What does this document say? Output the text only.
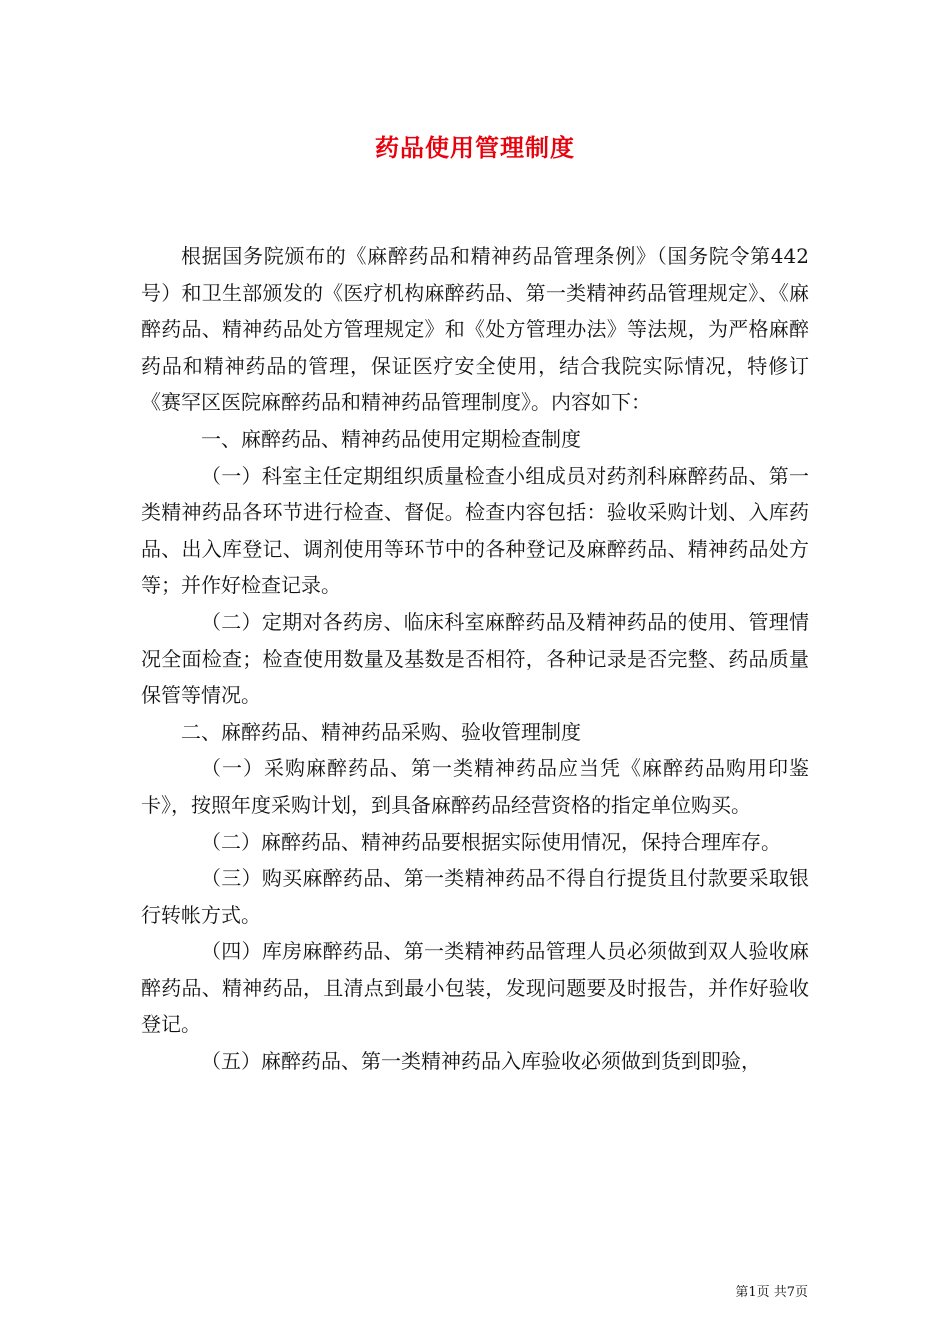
药品使用管理制度

根据国务院颁布的《麻醉药品和精神药品管理条例》（国务院令第442号）和卫生部颁发的《医疗机构麻醉药品、第一类精神药品管理规定》、《麻醉药品、精神药品处方管理规定》和《处方管理办法》等法规，为严格麻醉药品和精神药品的管理，保证医疗安全使用，结合我院实际情况，特修订《赛罕区医院麻醉药品和精神药品管理制度》。内容如下：

一、麻醉药品、精神药品使用定期检查制度

（一）科室主任定期组织质量检查小组成员对药剂科麻醉药品、第一类精神药品各环节进行检查、督促。检查内容包括：验收采购计划、入库药品、出入库登记、调剂使用等环节中的各种登记及麻醉药品、精神药品处方等；并作好检查记录。

（二）定期对各药房、临床科室麻醉药品及精神药品的使用、管理情况全面检查；检查使用数量及基数是否相符，各种记录是否完整、药品质量保管等情况。

二、麻醉药品、精神药品采购、验收管理制度

（一）采购麻醉药品、第一类精神药品应当凭《麻醉药品购用印鉴卡》，按照年度采购计划，到具备麻醉药品经营资格的指定单位购买。

（二）麻醉药品、精神药品要根据实际使用情况，保持合理库存。

（三）购买麻醉药品、第一类精神药品不得自行提货且付款要采取银行转帐方式。

（四）库房麻醉药品、第一类精神药品管理人员必须做到双人验收麻醉药品、精神药品，且清点到最小包装，发现问题要及时报告，并作好验收登记。

（五）麻醉药品、第一类精神药品入库验收必须做到货到即验，

第1页 共7页
